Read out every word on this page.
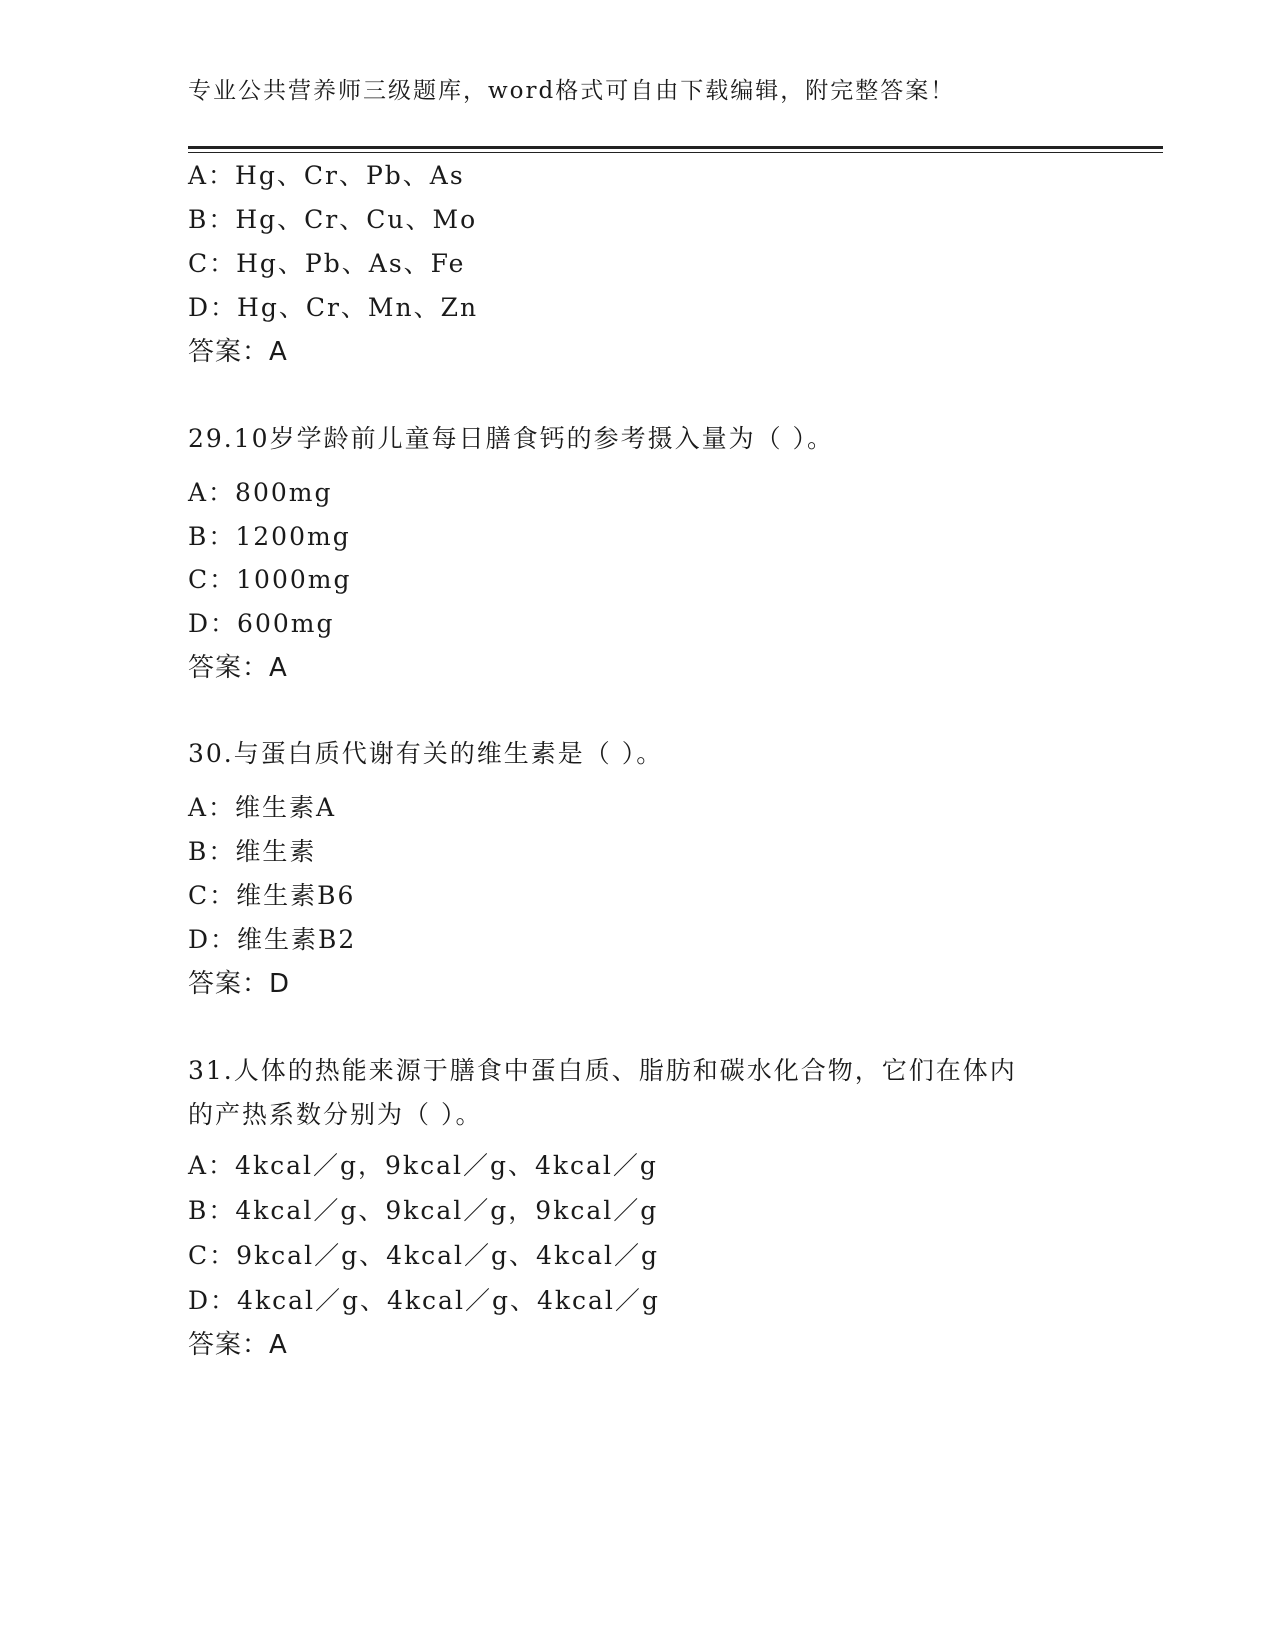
专业公共营养师三级题库，word格式可自由下载编辑，附完整答案！
A：Hg、Cr、Pb、As
B：Hg、Cr、Cu、Mo
C：Hg、Pb、As、Fe
D：Hg、Cr、Mn、Zn
答案：A
29.10岁学龄前儿童每日膳食钙的参考摄入量为（ ）。
A：800mg
B：1200mg
C：1000mg
D：600mg
答案：A
30.与蛋白质代谢有关的维生素是（ ）。
A：维生素A
B：维生素
C：维生素B6
D：维生素B2
答案：D
31.人体的热能来源于膳食中蛋白质、脂肪和碳水化合物，它们在体内
的产热系数分别为（ ）。
A：4kcal／g，9kcal／g、4kcal／g
B：4kcal／g、9kcal／g，9kcal／g
C：9kcal／g、4kcal／g、4kcal／g
D：4kcal／g、4kcal／g、4kcal／g
答案：A
